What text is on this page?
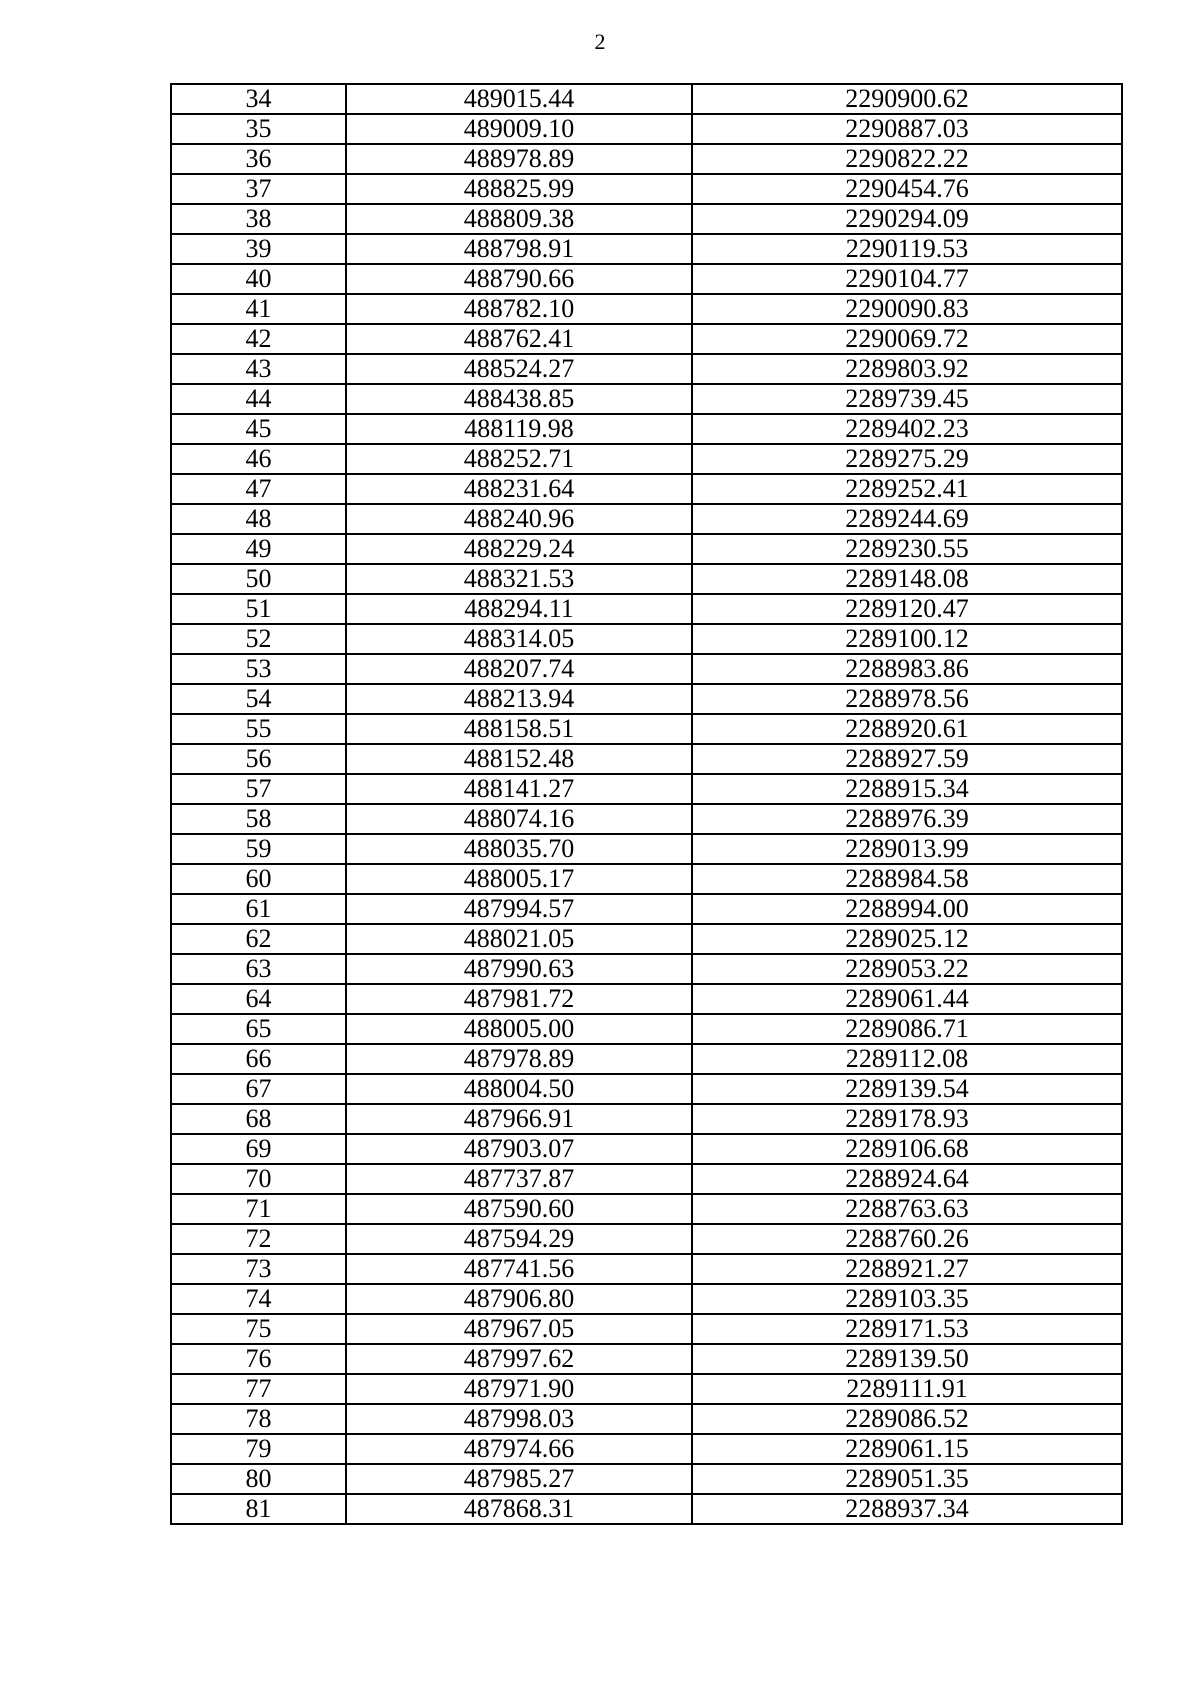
2
34	489015.44	2290900.62
35	489009.10	2290887.03
36	488978.89	2290822.22
37	488825.99	2290454.76
38	488809.38	2290294.09
39	488798.91	2290119.53
40	488790.66	2290104.77
41	488782.10	2290090.83
42	488762.41	2290069.72
43	488524.27	2289803.92
44	488438.85	2289739.45
45	488119.98	2289402.23
46	488252.71	2289275.29
47	488231.64	2289252.41
48	488240.96	2289244.69
49	488229.24	2289230.55
50	488321.53	2289148.08
51	488294.11	2289120.47
52	488314.05	2289100.12
53	488207.74	2288983.86
54	488213.94	2288978.56
55	488158.51	2288920.61
56	488152.48	2288927.59
57	488141.27	2288915.34
58	488074.16	2288976.39
59	488035.70	2289013.99
60	488005.17	2288984.58
61	487994.57	2288994.00
62	488021.05	2289025.12
63	487990.63	2289053.22
64	487981.72	2289061.44
65	488005.00	2289086.71
66	487978.89	2289112.08
67	488004.50	2289139.54
68	487966.91	2289178.93
69	487903.07	2289106.68
70	487737.87	2288924.64
71	487590.60	2288763.63
72	487594.29	2288760.26
73	487741.56	2288921.27
74	487906.80	2289103.35
75	487967.05	2289171.53
76	487997.62	2289139.50
77	487971.90	2289111.91
78	487998.03	2289086.52
79	487974.66	2289061.15
80	487985.27	2289051.35
81	487868.31	2288937.34
